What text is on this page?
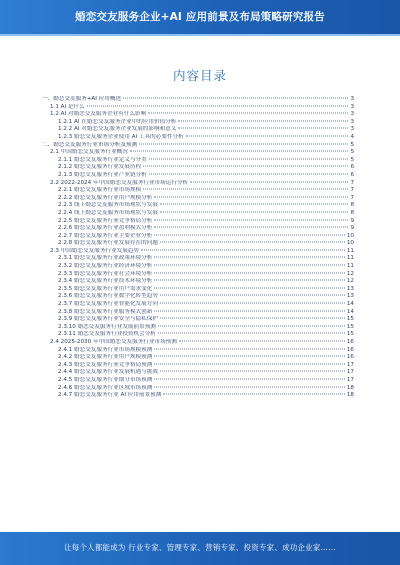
婚恋交友服务企业+AI 应用前景及布局策略研究报告
内容目录
一、婚恋交友服务+AI 应用概述	3
1.1 AI 是什么	3
1.2 AI 对婚恋交友服务企业有什么影响	3
1.2.1 AI 在婚恋交友服务企业中的应用价值分析	3
1.2.2 AI 对婚恋交友服务企业发展的影响和意义	3
1.2.3 婚恋交友服务企业使用 AI 工具的必要性分析	4
二、婚恋交友服务行业市场分析及预测	5
2.1 中国婚恋交友服务行业概况	5
2.1.1 婚恋交友服务行业定义与分类	5
2.1.2 婚恋交友服务行业发展历程	6
2.1.3 婚恋交友服务行业产业链分析	6
2.2 2022-2024 年中国婚恋交友服务行业市场运行分析	7
2.2.1 婚恋交友服务行业市场规模	7
2.2.2 婚恋交友服务行业用户规模分析	7
2.2.3 线下婚恋交友服务市场现状与发展	8
2.2.4 线上婚恋交友服务市场现状与发展	8
2.2.5 婚恋交友服务行业竞争格局分析	9
2.2.6 婚恋交友服务行业盈利模式分析	9
2.2.7 婚恋交友服务行业主要企业分析	10
2.2.8 婚恋交友服务行业发展存在的问题	10
2.3 中国婚恋交友服务行业发展趋势	11
2.3.1 婚恋交友服务行业政策环境分析	11
2.3.2 婚恋交友服务行业经济环境分析	11
2.3.3 婚恋交友服务行业社会环境分析	12
2.3.4 婚恋交友服务行业技术环境分析	12
2.3.5 婚恋交友服务行业用户需求变化	13
2.3.6 婚恋交友服务行业数字化转型趋势	13
2.3.7 婚恋交友服务行业智能化发展方向	14
2.3.8 婚恋交友服务行业服务模式创新	14
2.3.9 婚恋交友服务行业安全与隐私保护	15
2.3.10 婚恋交友服务行业发展前景预测	15
2.3.11 婚恋交友服务行业投资机会分析	15
2.4 2025-2030 年中国婚恋交友服务行业市场预测	16
2.4.1 婚恋交友服务行业市场规模预测	16
2.4.2 婚恋交友服务行业用户规模预测	16
2.4.3 婚恋交友服务行业竞争格局预测	17
2.4.4 婚恋交友服务行业发展机遇与挑战	17
2.4.5 婚恋交友服务行业细分市场预测	17
2.4.6 婚恋交友服务行业区域市场预测	18
2.4.7 婚恋交友服务行业 AI 应用前景预测	18
让每个人都能成为 行业专家、管理专家、营销专家、投资专家、成功企业家……
